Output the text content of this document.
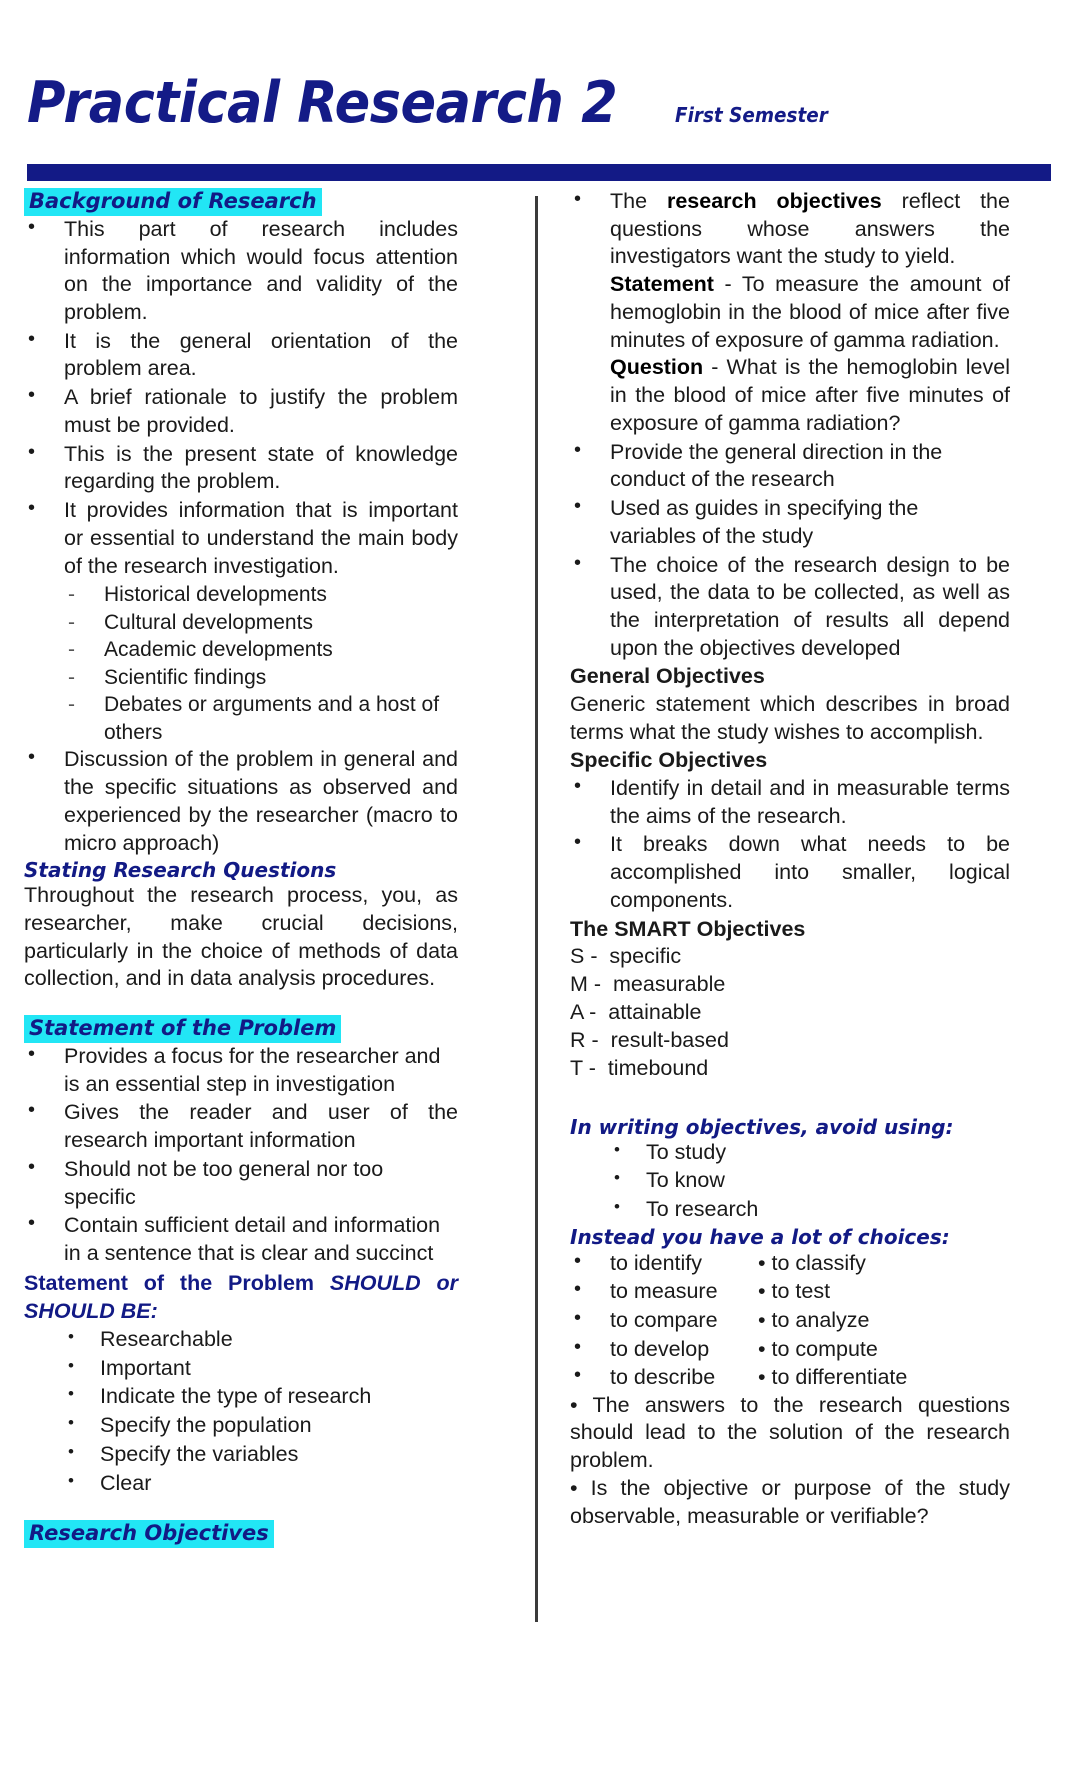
Practical Research 2	First Semester
Background of Research
• This part of research includes information which would focus attention on the importance and validity of the problem.
• It is the general orientation of the problem area.
• A brief rationale to justify the problem must be provided.
• This is the present state of knowledge regarding the problem.
• It provides information that is important or essential to understand the main body of the research investigation.
- Historical developments
- Cultural developments
- Academic developments
- Scientific findings
- Debates or arguments and a host of others
• Discussion of the problem in general and the specific situations as observed and experienced by the researcher (macro to micro approach)
Stating Research Questions

Throughout the research process, you, as researcher, make crucial decisions, particularly in the choice of methods of data collection, and in data analysis procedures.

Statement of the Problem
• Provides a focus for the researcher and is an essential step in investigation
• Gives the reader and user of the research important information
• Should not be too general nor too specific
• Contain sufficient detail and information in a sentence that is clear and succinct
Statement of the Problem SHOULD or SHOULD BE:
• Researchable
• Important
• Indicate the type of research
• Specify the population
• Specify the variables
• Clear
Research Objectives
• The research objectives reflect the questions whose answers the investigators want the study to yield.
Statement - To measure the amount of hemoglobin in the blood of mice after five minutes of exposure of gamma radiation.
Question - What is the hemoglobin level in the blood of mice after five minutes of exposure of gamma radiation?
• Provide the general direction in the conduct of the research
• Used as guides in specifying the variables of the study
• The choice of the research design to be used, the data to be collected, as well as the interpretation of results all depend upon the objectives developed
General Objectives

Generic statement which describes in broad terms what the study wishes to accomplish.

Specific Objectives
• Identify in detail and in measurable terms the aims of the research.
• It breaks down what needs to be accomplished into smaller, logical components.
The SMART Objectives
S -  specific
M -  measurable
A -  attainable
R -  result-based
T -  timebound
In writing objectives, avoid using:
• To study
• To know
• To research
Instead you have a lot of choices:
• to identify	• to classify
• to measure • to test
• to compare • to analyze
• to develop • to compute
• to describe • to differentiate

• The answers to the research questions should lead to the solution of the research problem.

• Is the objective or purpose of the study observable, measurable or verifiable?
